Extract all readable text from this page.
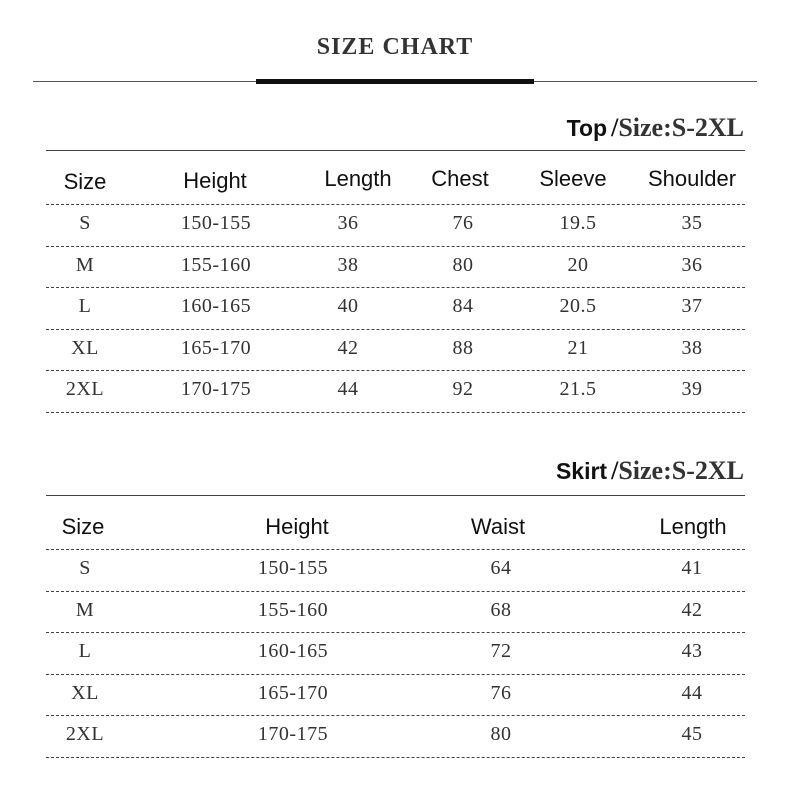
SIZE CHART
Top /Size:S-2XL
Size	Height	Length Chest Sleeve Shoulder
S	150-155	36	76	19.5	35
M	155-160	38	80	20	36
L	160-165	40	84	20.5	37
XL	165-170	42	88	21	38
2XL	170-175	44	92	21.5	39
Skirt /Size:S-2XL
Size	Height	Waist	Length
S	150-155	64	41
M	155-160	68	42
L	160-165	72	43
XL	165-170	76	44
2XL	170-175	80	45
